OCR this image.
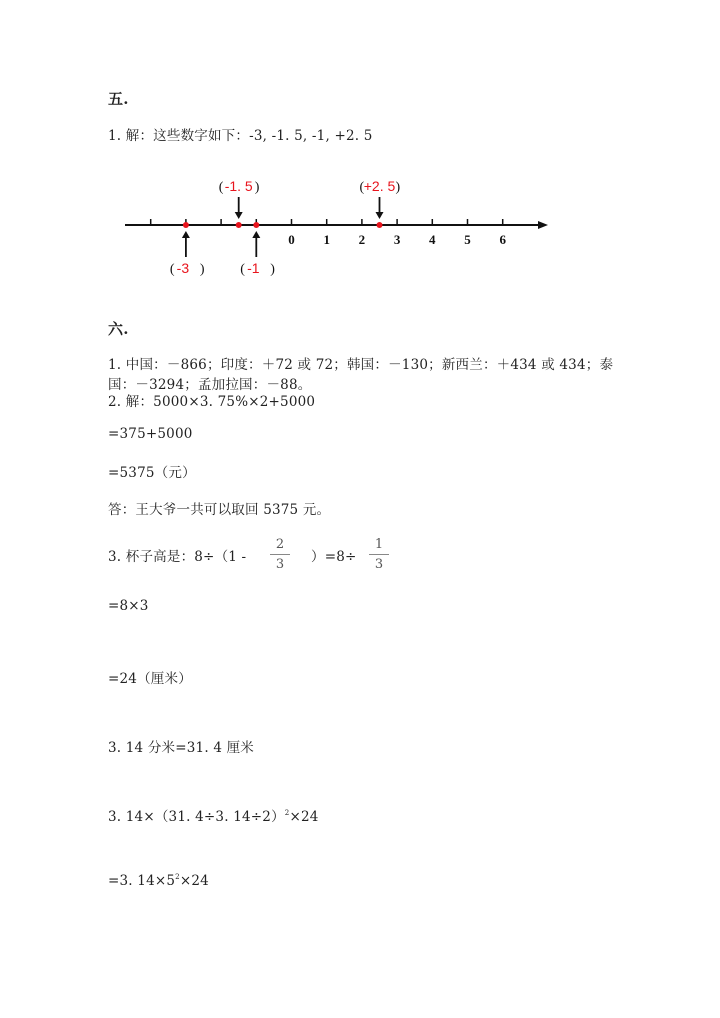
五.
1. 解：这些数字如下：-3, -1. 5, -1, +2. 5
0 1 2 3 4 5 6
( -3 )
( -1. 5 )
( -1 )
( +2. 5 )
六.
1. 中国：－866；印度：＋72 或 72；韩国：－130；新西兰：＋434 或 434；泰
国：－3294；孟加拉国：－88。
2. 解：5000×3. 75%×2+5000
=375+5000
=5375（元）
答：王大爷一共可以取回 5375 元。
3. 杯子高是：8÷（1 -
2
3	）=8÷
1
3
=8×3
=24（厘米）
3. 14 分米=31. 4 厘米
3. 14×（31. 4÷3. 14÷2）$^2$×24
=3. $14\times 5^2\times 24$
